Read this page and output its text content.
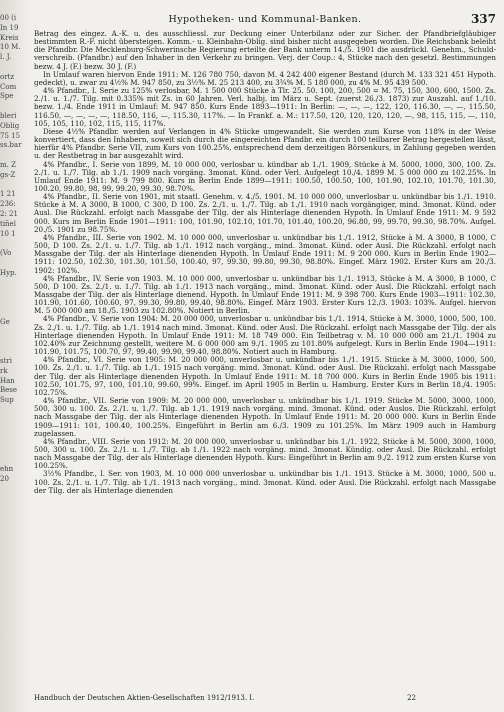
00 (i
In 19
Kreis
10 M.
l. J.
ortz
Com
Spe
bleri
Oblig
75 15
ss.bar
m. Z
gs-Z
1 21
236:
2: 21
tiñel
10 1
(Vo
Hyp.
Ge
stri
rk
Han
Bese
Sup
ehn
20
Hypotheken- und Kommunal-Banken.	337

Betrag des eingez. A.-K. u. des ausschliessl. zur Deckung einer Unterbilanz oder zur Sicher. der Pfandbriefgläubiger bestimmten R.-F. nicht übersteigen. Komm.- u. Kleinbahn-Oblig. sind bisher nicht ausgegeben worden. Die Reichsbank beleiht die Pfandbr. Die Mecklenburg-Schwerinsche Regierung erteilte der Bank unterm 14./5. 1901 die ausdrückl. Genehm., Schuld-verschreib. (Pfandbr.) auf den Inhaber in den Verkehr zu bringen. Verj. der Coup.: 4, Stücke nach den gesetzl. Bestimmungen bezw. 4 J. (F.) bezw. 30 J. (F.)

In Umlauf waren hiervon Ende 1911: M. 126 780 750, davon M. 4 242 400 eigener Bestand (durch M. 133 321 451 Hypoth. gedeckt), u. zwar zu 4½% M. 947 850, zu 3½% M. 25 213 400, zu 3¾% M. 5 180 000, zu 4% M. 95 439 500.

4% Pfandbr., I. Serie zu 125% verlosbar, M. 1 500 000 Stücke à Tlr. 25. 50. 100, 200, 500 = M. 75, 150, 300, 600, 1500. Zs. 2./1. u. 1./7. Tilg. mit 0.335% mit Zs. in 60 Jahren. Verl. halbj. im März u. Sept. (zuerst 26./3. 1873) zur Auszahl. auf 1./10. bezw. 1./4. Ende 1911 in Umlauf: M. 947 850. Kurs Ende 1893—1911: In Berlin: —, —, —, 122, 120, 116.30, —, —, 115.50, 116.50, —, —, —, —, 118.50, 116, —, 115.30, 117%. — In Frankf. a. M.: 117.50, 120, 120, 120, 120, —, 98, 115, 115, —, 110, 105, 105, 110, 102, 115, 115, 117%.

Diese 4½% Pfandbr. werden auf Verlangen in 4% Stücke umgewandelt. Sie werden zum Kurse von 118% in der Weise konvertiert, dass den Inhabern, soweit sich durch die eingereichten Pfandbr. ein durch 100 teilbarer Betrag hergestellen lässt, hierfür 4% Pfandbr. Serie VII, zum Kurs von 100.25%, entsprechend dem derzeitigen Börsenkurs, in Zahlung gegeben werden u. der Restbetrag in bar ausgezahlt wird.

4% Pfandbr., I. Serie von 1899, M. 10 000 000, verlosbar u. kündbar ab 1./1. 1909, Stücke à M. 5000, 1000, 300, 100. Zs. 2./1. u. 1./7. Tilg. ab 1./1. 1909 nach vorgäng. 3monat. Künd. oder Verl. Aufgelegt 10./4. 1899 M. 5 000 000 zu 102.25%. In Umlauf Ende 1911: M. 9 799 800. Kurs in Berlin Ende 1899—1911: 100.50, 100.50, 100, 101.90, 102.10, 101.70, 101.30, 100.20, 99.80, 98, 99, 99.20, 99.30, 98.70%.

4% Pfandbr., II. Serie von 1901, mit staatl. Genehm. v. 4./5. 1901. M. 10 000 000, unverlosbar u. unkündbar bis 1./1. 1910. Stücke à M. A 3000, B 1000, C 300, D 100. Zs. 2./1. u. 1./7. Tilg. ab 1./1. 1910 nach vorgängiger, mind. 3monat. Künd. oder Ausl. Die Rückzahl. erfolgt nach Massgabe der Tilg. der als Hinterlage dienenden Hypoth. In Umlauf Ende 1911: M. 9 592 000. Kurs im Berlin Ende 1901—1911: 100, 101.90, 102.10, 101.70, 101.40, 100.20, 96.80, 99, 99.70, 99.30, 98.70%. Aufgel. 20./5. 1901 zu 98.75%.

4% Pfandbr., III. Serie von 1902. M. 10 000 000, unverlosbar u. unkündbar bis 1./1. 1912, Stücke à M. A 3000, B 1000, C 500, D 100. Zs. 2./1. u. 1./7. Tilg. ab 1./1. 1912 nach vorgäng., mind. 3monat. Künd. oder Ausl. Die Rückzahl. erfolgt nach Massgabe der Tilg. der als Hinterlage dienenden Hypoth. In Umlauf Ende 1911: M. 9 200 000. Kurs in Berlin Ende 1902—1911: 102.50, 102.30, 101.30, 101.50, 100.40, 97, 99.30, 99.80, 99.30, 98.80%. Eingef. März 1902. Erster Kurs am 20./3. 1902: 102%.

4% Pfandbr., IV. Serie von 1903. M. 10 000 000, unverlosbar u. unkündbar bis 1./1. 1913, Stücke à M. A 3000, B 1000, C 500, D 100. Zs. 2./1. u. 1./7. Tilg. ab 1./1. 1913 nach vorgäng., mind. 3monat. Künd. oder Ausl. Die Rückzahl. erfolgt nach Massgabe der Tilg. der als Hinterlage dienend. Hypoth. In Umlauf Ende 1911: M. 9 398 700. Kurs Ende 1903—1911: 102.30, 101.90, 101.60, 100.60, 97, 99.30, 99.80, 99.40, 98.80%. Eingef. März 1903. Erster Kurs 12./3. 1903: 103%. Aufgel. hiervon M. 5 000 000 am 18./5. 1903 zu 102.80%. Notiert in Berlin.

4% Pfandbr., V. Serie von 1904: M. 20 000 000, unverlosbar u. unkündbar bis 1./1. 1914, Stücke à M. 3000, 1000, 500, 100. Zs. 2./1. u. 1./7. Tilg. ab 1./1. 1914 nach mind. 3monat. Künd. oder Ausl. Die Rückzahl. erfolgt nach Massgabe der Tilg. der als Hinterlage dienenden Hypoth. In Umlauf Ende 1911: M. 18 749 000. Ein Teilbetrag v. M. 10 000 000 am 21./1. 1904 zu 102.40% zur Zeichnung gestellt, weitere M. 6 000 000 am 9./1. 1905 zu 101.80% aufgelegt. Kurs in Berlin Ende 1904—1911: 101.90, 101.75, 100.70, 97, 99.40, 99.90, 99.40, 98.80%. Notiert auch in Hamburg.

4% Pfandbr., VI. Serie von 1905: M. 20 000 000, unverlosbar u. unkündbar bis 1./1. 1915. Stücke à M. 3000, 1000, 500, 100. Zs. 2./1. u. 1./7. Tilg. ab 1./1. 1915 nach vorgäng. mind. 3monat. Künd. oder Ausl. Die Rückzahl. erfolgt nach Massgabe der Tilg. der als Hinterlage dienenden Hypoth. In Umlauf Ende 1911: M. 18 700 000. Kurs in Berlin Ende 1905 bis 1911: 102.50, 101.75, 97, 100, 101.10, 99.60, 99%. Eingef. im April 1905 in Berlin u. Hamburg. Erster Kurs in Berlin 18./4. 1905: 102.75%.

4% Pfandbr., VII. Serie von 1909: M. 20 000 000, unverlosbar u. unkündbar bis 1./1. 1919. Stücke M. 5000, 3000, 1000, 500, 300 u. 100. Zs. 2./1. u. 1./7. Tilg. ab 1./1. 1919 nach vorgäng. mind. 3monat. Künd. oder Auslos. Die Rückzahl. erfolgt nach Massgabe der Tilg. der als Hinterlage dienenden Hypoth. In Umlauf Ende 1911: M. 20 000 000. Kurs in Berlin Ende 1909—1911: 101, 100.40, 100.25%. Eingeführt in Berlin am 6./3. 1909 zu 101.25%. Im März 1909 auch in Hamburg zugelassen.

4% Pfandbr., VIII. Serie von 1912: M. 20 000 000, unverlosbar u. unkündbar bis 1./1. 1922, Stücke à M. 5000, 3000, 1000, 500, 300 u. 100. Zs. 2./1. u. 1./7. Tilg. ab 1./1. 1922 nach vorgäng. mind. 3monat. Kündig. oder Ausl. Die Rückzahl. erfolgt nach Massgabe der Tilg. der als Hinterlage dienenden Hypoth. Kurs: Eingeführt in Berlin am 9./2. 1912 zum ersten Kurse von 100.25%.

3½% Pfandbr., I. Ser. von 1903, M. 10 000 000 unverlosbar u. unkündbar bis 1./1. 1913. Stücke à M. 3000, 1000, 500 u. 100. Zs. 2./1. u. 1./7. Tilg. ab 1./1. 1913 nach vorgäng., mind. 3monat. Künd. oder Ausl. Die Rückzahl. erfolgt nach Massgabe der Tilg. der als Hinterlage dienenden

Handbuch der Deutschen Aktien-Gesellschaften 1912/1913. I.	22
